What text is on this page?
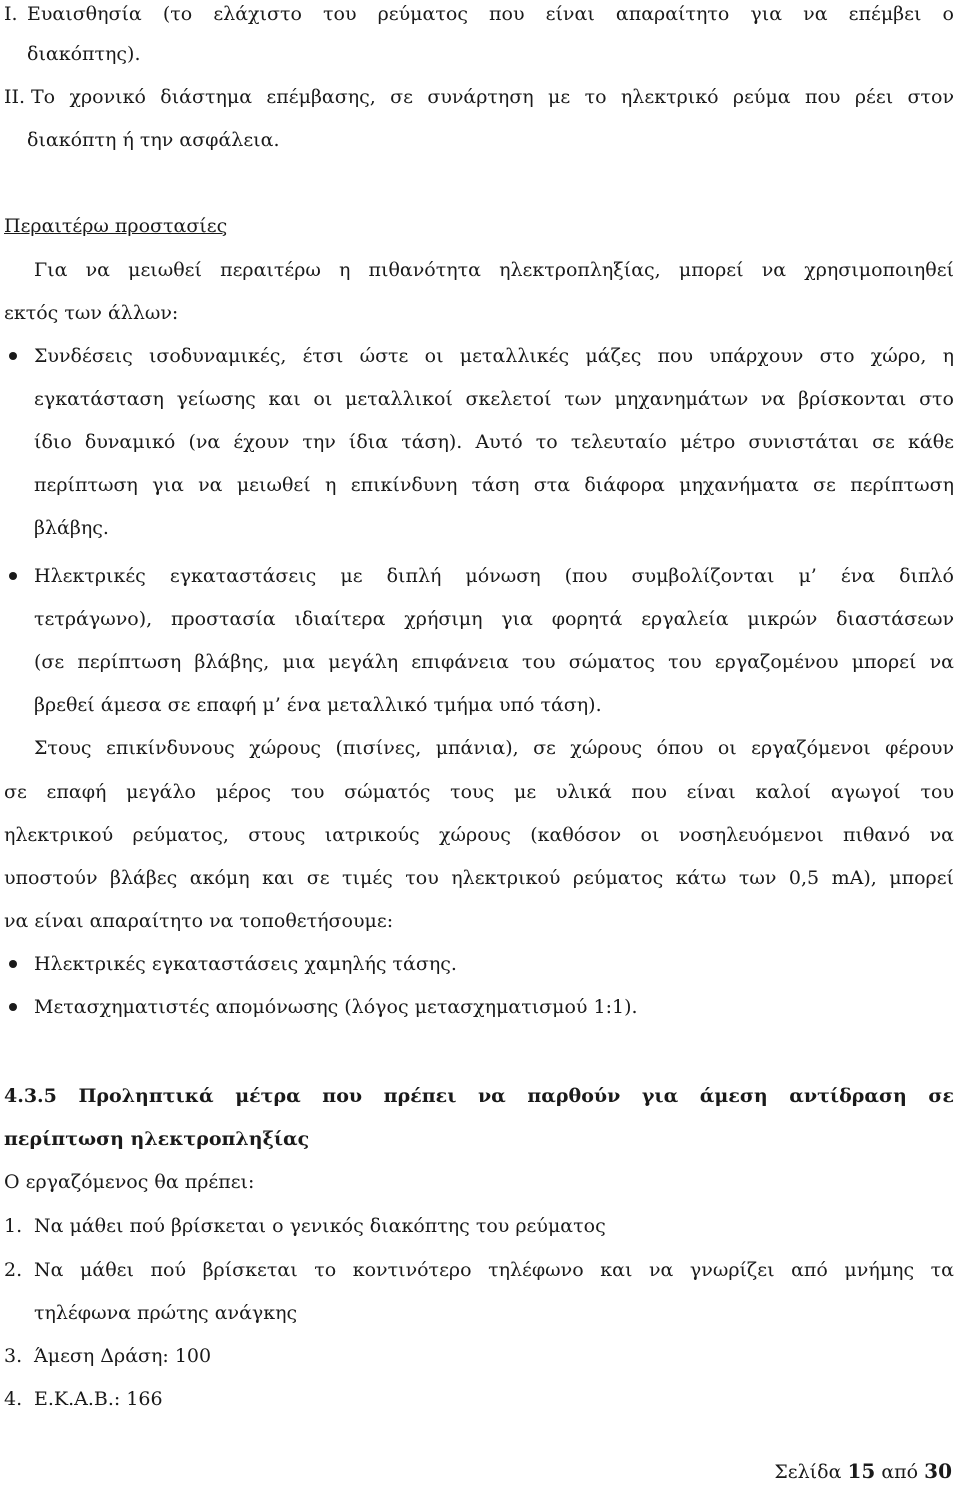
I. Ευαισθησία (το ελάχιστο του ρεύματος που είναι απαραίτητο για να επέμβει ο
διακόπτης).
II. Το χρονικό διάστημα επέμβασης, σε συνάρτηση με το ηλεκτρικό ρεύμα που ρέει στον
διακόπτη ή την ασφάλεια.
Περαιτέρω προστασίες
Για να μειωθεί περαιτέρω η πιθανότητα ηλεκτροπληξίας, μπορεί να χρησιμοποιηθεί
εκτός των άλλων:
Συνδέσεις ισοδυναμικές, έτσι ώστε οι μεταλλικές μάζες που υπάρχουν στο χώρο, η
εγκατάσταση γείωσης και οι μεταλλικοί σκελετοί των μηχανημάτων να βρίσκονται στο
ίδιο δυναμικό (να έχουν την ίδια τάση). Αυτό το τελευταίο μέτρο συνιστάται σε κάθε
περίπτωση για να μειωθεί η επικίνδυνη τάση στα διάφορα μηχανήματα σε περίπτωση
βλάβης.
Ηλεκτρικές εγκαταστάσεις με διπλή μόνωση (που συμβολίζονται μ’ ένα διπλό
τετράγωνο), προστασία ιδιαίτερα χρήσιμη για φορητά εργαλεία μικρών διαστάσεων
(σε περίπτωση βλάβης, μια μεγάλη επιφάνεια του σώματος του εργαζομένου μπορεί να
βρεθεί άμεσα σε επαφή μ’ ένα μεταλλικό τμήμα υπό τάση).
Στους επικίνδυνους χώρους (πισίνες, μπάνια), σε χώρους όπου οι εργαζόμενοι φέρουν
σε επαφή μεγάλο μέρος του σώματός τους με υλικά που είναι καλοί αγωγοί του
ηλεκτρικού ρεύματος, στους ιατρικούς χώρους (καθόσον οι νοσηλευόμενοι πιθανό να
υποστούν βλάβες ακόμη και σε τιμές του ηλεκτρικού ρεύματος κάτω των 0,5 mA), μπορεί
να είναι απαραίτητο να τοποθετήσουμε:
Ηλεκτρικές εγκαταστάσεις χαμηλής τάσης.
Μετασχηματιστές απομόνωσης (λόγος μετασχηματισμού 1:1).
4.3.5 Προληπτικά μέτρα που πρέπει να παρθούν για άμεση αντίδραση σε
περίπτωση ηλεκτροπληξίας
Ο εργαζόμενος θα πρέπει:
1. Να μάθει πού βρίσκεται ο γενικός διακόπτης του ρεύματος
2. Να μάθει πού βρίσκεται το κοντινότερο τηλέφωνο και να γνωρίζει από μνήμης τα
τηλέφωνα πρώτης ανάγκης
3. Άμεση Δράση: 100
4. Ε.Κ.Α.Β.: 166
Σελίδα 15 από 30
